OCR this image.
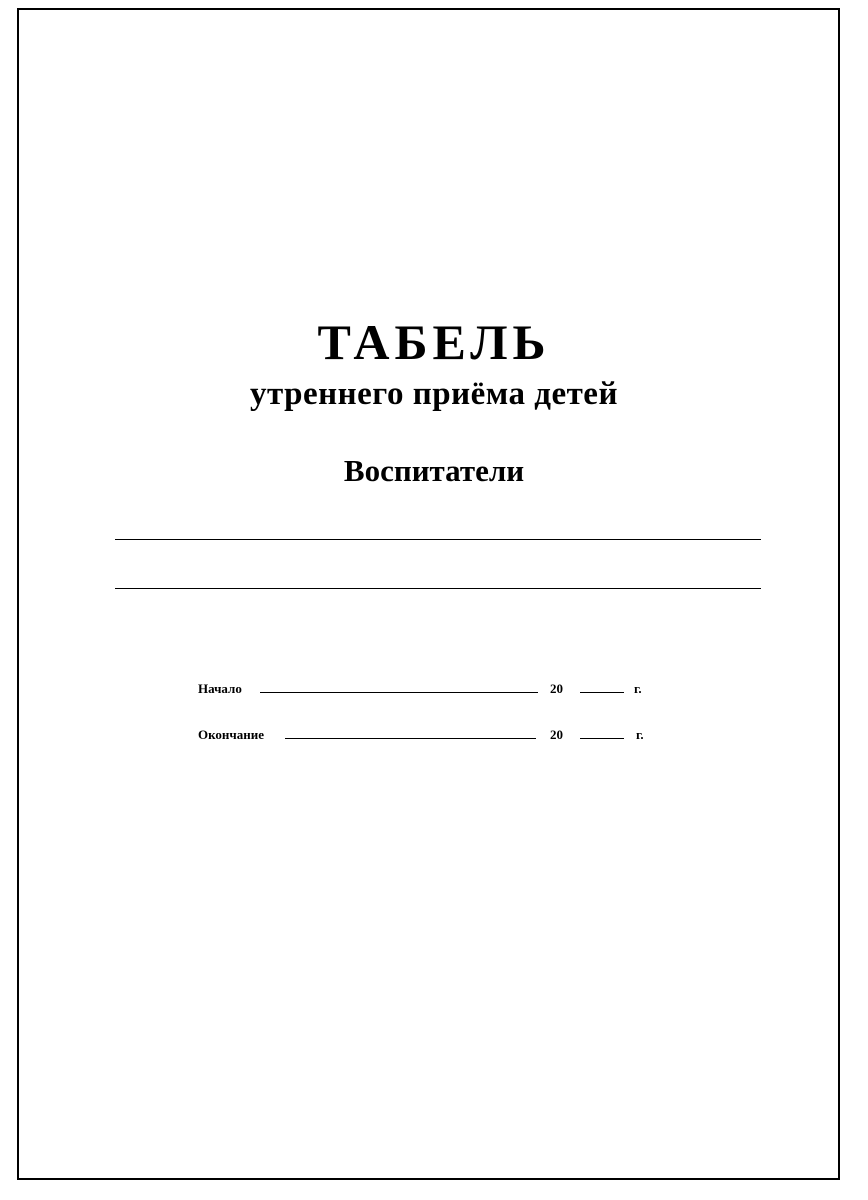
ТАБЕЛЬ
утреннего приёма детей
Воспитатели
Начало	20	г.
Окончание	20	г.
